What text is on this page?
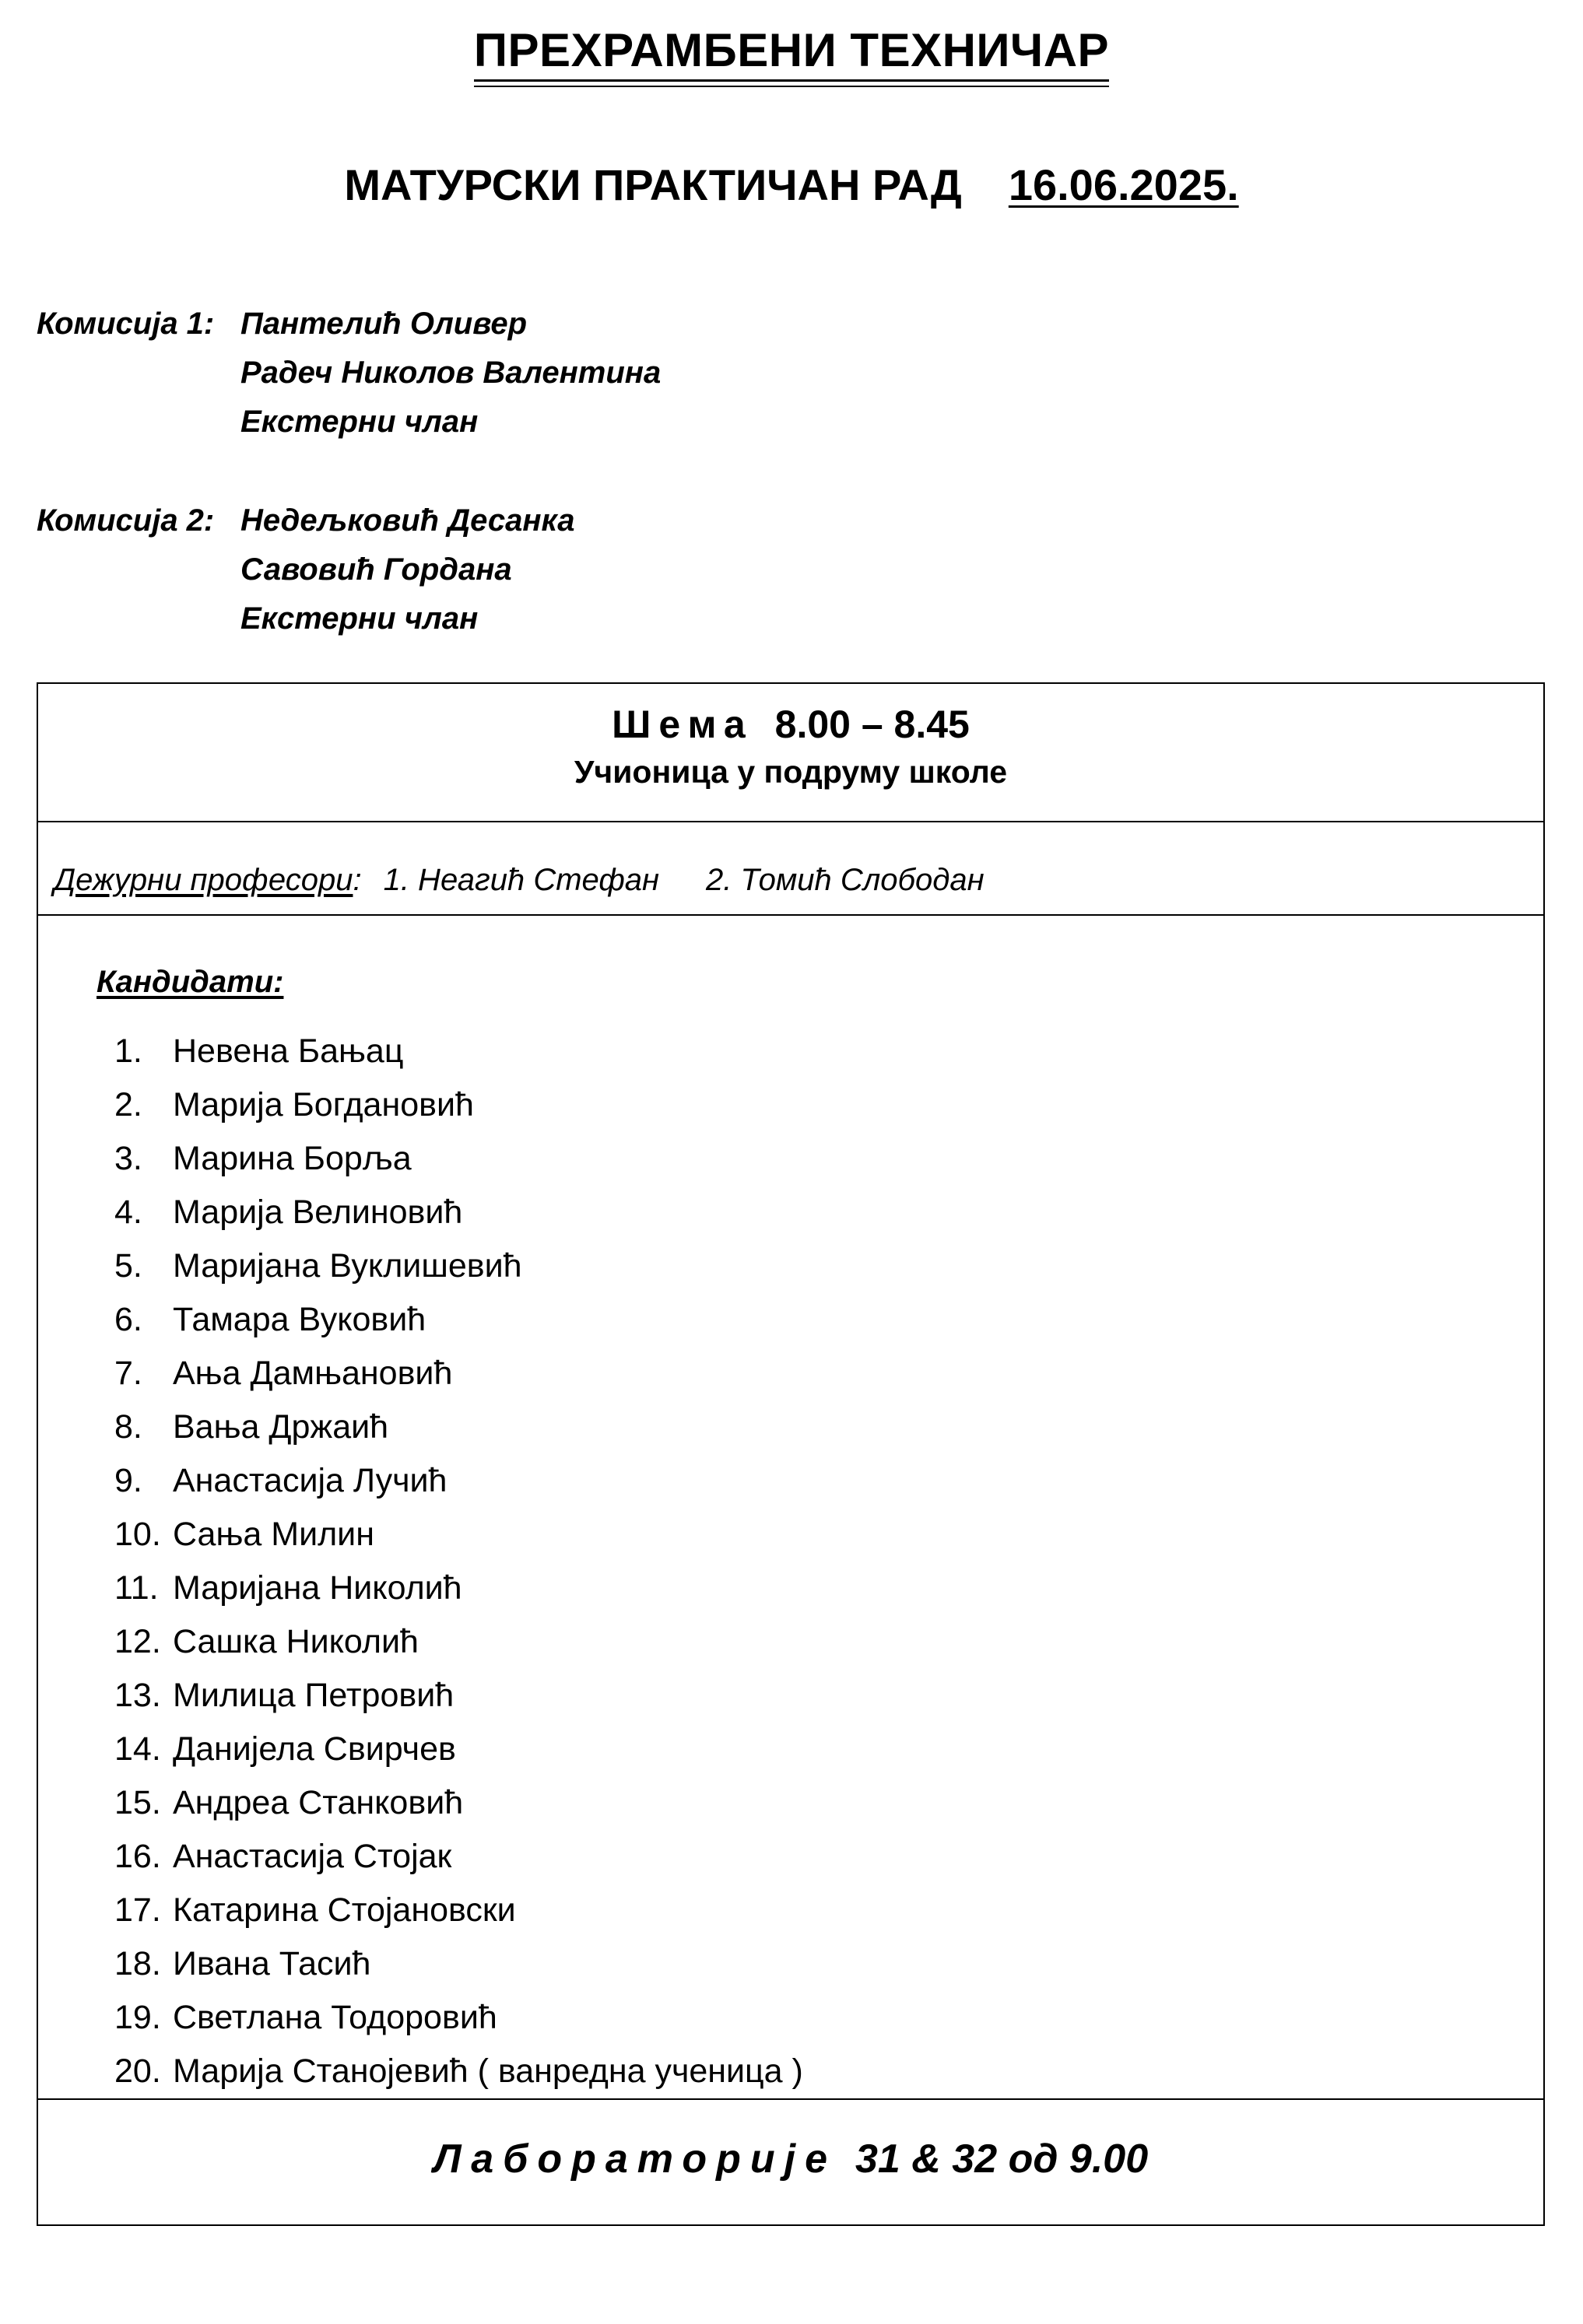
ПРЕХРАМБЕНИ ТЕХНИЧАР
МАТУРСКИ ПРАКТИЧАН РАД 16.06.2025.
Комисија 1: Пантелић Оливер
Радеч Николов Валентина
Екстерни члан
Комисија 2: Недељковић Десанка
Савовић Гордана
Екстерни члан
Шема 8.00 – 8.45
Учионица у подруму школе
Дежурни професори: 1. Неагић Стефан 2. Томић Слободан
Кандидати:
1. Невена Бањац
2. Марија Богдановић
3. Марина Борља
4. Марија Велиновић
5. Маријана Вуклишевић
6. Тамара Вуковић
7. Ања Дамњановић
8. Вања Држаић
9. Анастасија Лучић
10. Сања Милин
11. Маријана Николић
12. Сашка Николић
13. Милица Петровић
14. Данијела Свирчев
15. Андреа Станковић
16. Анастасија Стојак
17. Катарина Стојановски
18. Ивана Тасић
19. Светлана Тодоровић
20. Марија Станојевић ( ванредна ученица )
Лабораторије 31 & 32 од 9.00
